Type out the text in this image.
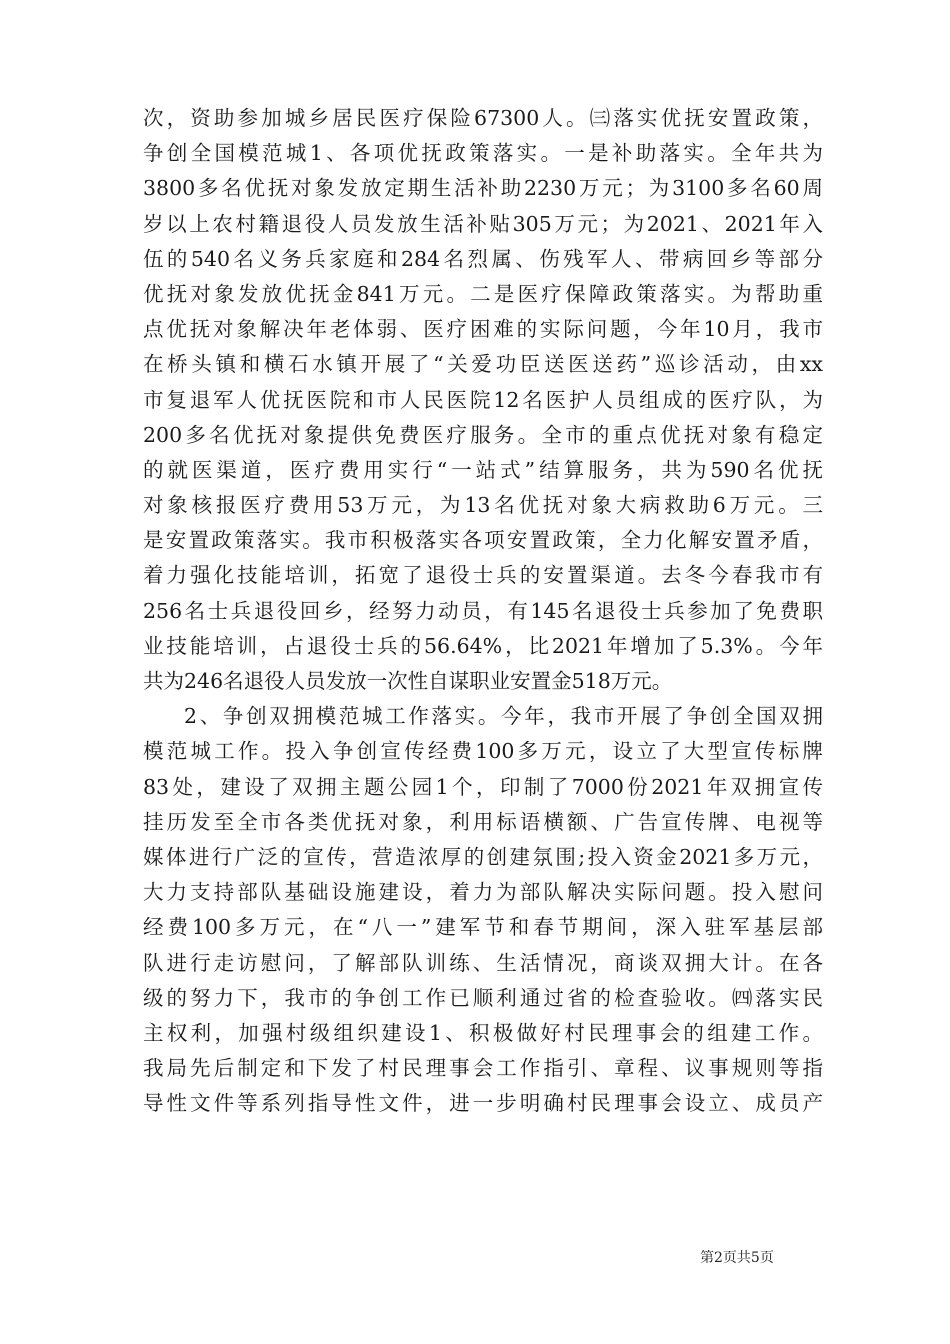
次，资助参加城乡居民医疗保险67300人。㈢落实优抚安置政策，
争创全国模范城1、各项优抚政策落实。一是补助落实。全年共为
3800多名优抚对象发放定期生活补助2230万元；为3100多名60周
岁以上农村籍退役人员发放生活补贴305万元；为2021、2021年入
伍的540名义务兵家庭和284名烈属、伤残军人、带病回乡等部分
优抚对象发放优抚金841万元。二是医疗保障政策落实。为帮助重
点优抚对象解决年老体弱、医疗困难的实际问题，今年10月，我市
在桥头镇和横石水镇开展了“关爱功臣送医送药”巡诊活动，由xx
市复退军人优抚医院和市人民医院12名医护人员组成的医疗队，为
200多名优抚对象提供免费医疗服务。全市的重点优抚对象有稳定
的就医渠道，医疗费用实行“一站式”结算服务，共为590名优抚
对象核报医疗费用53万元，为13名优抚对象大病救助6万元。三
是安置政策落实。我市积极落实各项安置政策，全力化解安置矛盾，
着力强化技能培训，拓宽了退役士兵的安置渠道。去冬今春我市有
256名士兵退役回乡，经努力动员，有145名退役士兵参加了免费职
业技能培训，占退役士兵的56.64%，比2021年增加了5.3%。今年
共为246名退役人员发放一次性自谋职业安置金518万元。
2、争创双拥模范城工作落实。今年，我市开展了争创全国双拥
模范城工作。投入争创宣传经费100多万元，设立了大型宣传标牌
83处，建设了双拥主题公园1个，印制了7000份2021年双拥宣传
挂历发至全市各类优抚对象，利用标语横额、广告宣传牌、电视等
媒体进行广泛的宣传，营造浓厚的创建氛围;投入资金2021多万元，
大力支持部队基础设施建设，着力为部队解决实际问题。投入慰问
经费100多万元，在“八一”建军节和春节期间，深入驻军基层部
队进行走访慰问，了解部队训练、生活情况，商谈双拥大计。在各
级的努力下，我市的争创工作已顺利通过省的检查验收。㈣落实民
主权利，加强村级组织建设1、积极做好村民理事会的组建工作。
我局先后制定和下发了村民理事会工作指引、章程、议事规则等指
导性文件等系列指导性文件，进一步明确村民理事会设立、成员产
第2页共5页
